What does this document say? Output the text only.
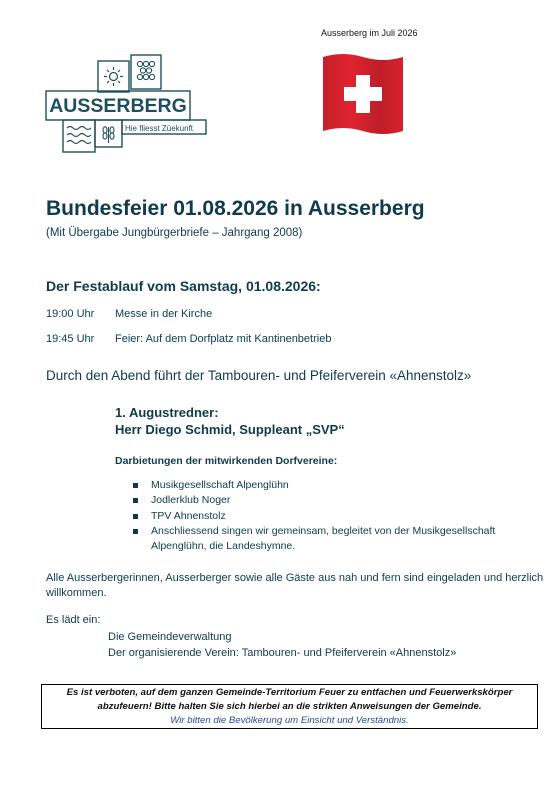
AUSSERBERG
Hie fliesst Züekunft
Ausserberg im Juli 2026
Bundesfeier 01.08.2026 in Ausserberg
(Mit Übergabe Jungbürgerbriefe – Jahrgang 2008)
Der Festablauf vom Samstag, 01.08.2026:
19:00 Uhr Messe in der Kirche
19:45 Uhr Feier: Auf dem Dorfplatz mit Kantinenbetrieb
Durch den Abend führt der Tambouren- und Pfeiferverein «Ahnenstolz»
1. Augustredner:
Herr Diego Schmid, Suppleant „SVP“
Darbietungen der mitwirkenden Dorfvereine:
Musikgesellschaft Alpenglühn
Jodlerklub Noger
TPV Ahnenstolz
Anschliessend singen wir gemeinsam, begleitet von der Musikgesellschaft Alpenglühn, die Landeshymne.
Alle Ausserbergerinnen, Ausserberger sowie alle Gäste aus nah und fern sind eingeladen und herzlich willkommen.
Es lädt ein:
Die Gemeindeverwaltung
Der organisierende Verein: Tambouren- und Pfeiferverein «Ahnenstolz»
Es ist verboten, auf dem ganzen Gemeinde-Territorium Feuer zu entfachen und Feuerwerkskörper abzufeuern! Bitte halten Sie sich hierbei an die strikten Anweisungen der Gemeinde.
Wir bitten die Bevölkerung um Einsicht und Verständnis.
